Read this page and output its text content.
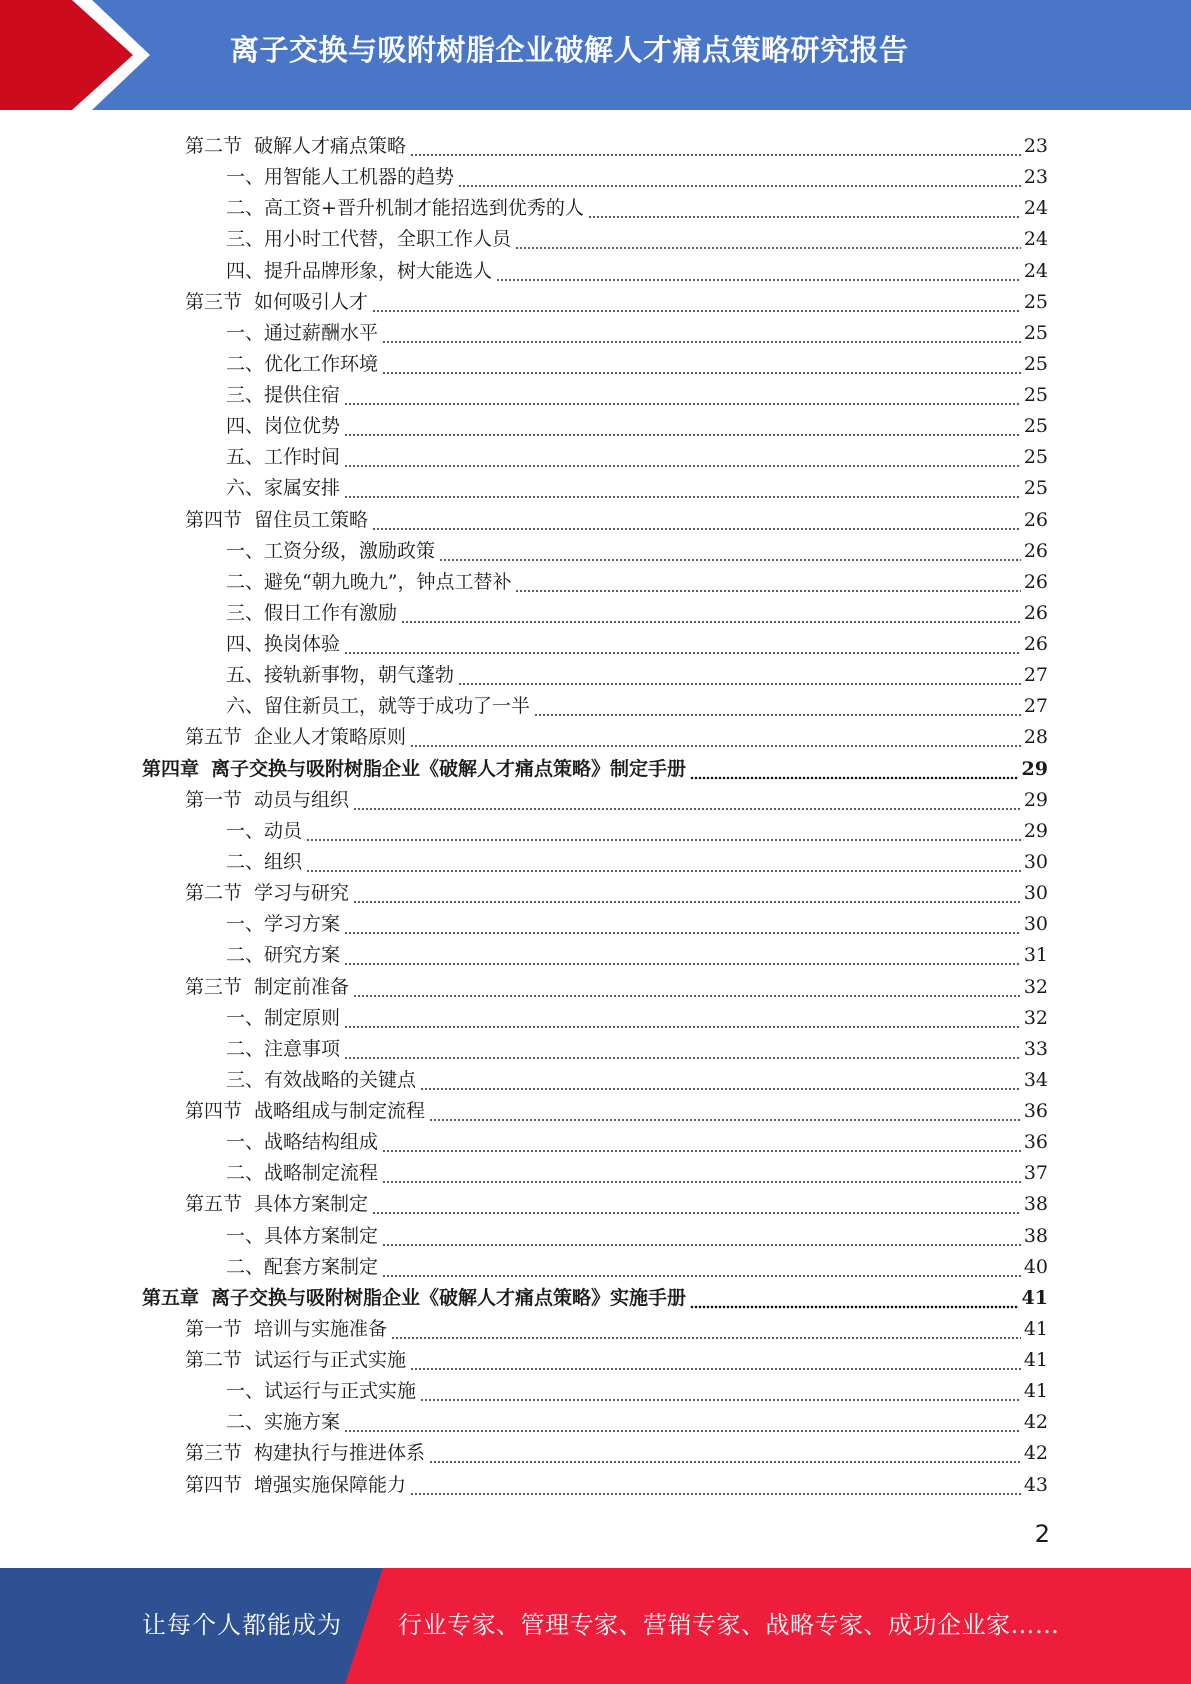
离子交换与吸附树脂企业破解人才痛点策略研究报告
第二节 破解人才痛点策略	23
一、 用智能人工机器的趋势	23
二、 高工资+晋升机制才能招选到优秀的人	24
三、 用小时工代替，全职工作人员	24
四、 提升品牌形象，树大能选人	24
第三节 如何吸引人才	25
一、 通过薪酬水平	25
二、 优化工作环境	25
三、 提供住宿	25
四、 岗位优势	25
五、 工作时间	25
六、 家属安排	25
第四节 留住员工策略	26
一、 工资分级，激励政策	26
二、 避免“朝九晚九”，钟点工替补	26
三、 假日工作有激励	26
四、 换岗体验	26
五、 接轨新事物，朝气蓬勃	27
六、 留住新员工，就等于成功了一半	27
第五节 企业人才策略原则	28
第四章 离子交换与吸附树脂企业《破解人才痛点策略》制定手册	29
第一节 动员与组织	29
一、 动员	29
二、 组织	30
第二节 学习与研究	30
一、 学习方案	30
二、 研究方案	31
第三节 制定前准备	32
一、 制定原则	32
二、 注意事项	33
三、 有效战略的关键点	34
第四节 战略组成与制定流程	36
一、 战略结构组成	36
二、 战略制定流程	37
第五节 具体方案制定	38
一、 具体方案制定	38
二、 配套方案制定	40
第五章 离子交换与吸附树脂企业《破解人才痛点策略》实施手册	41
第一节 培训与实施准备	41
第二节 试运行与正式实施	41
一、 试运行与正式实施	41
二、 实施方案	42
第三节 构建执行与推进体系	42
第四节 增强实施保障能力	43
2
让每个人都能成为 行业专家、管理专家、营销专家、战略专家、成功企业家……
